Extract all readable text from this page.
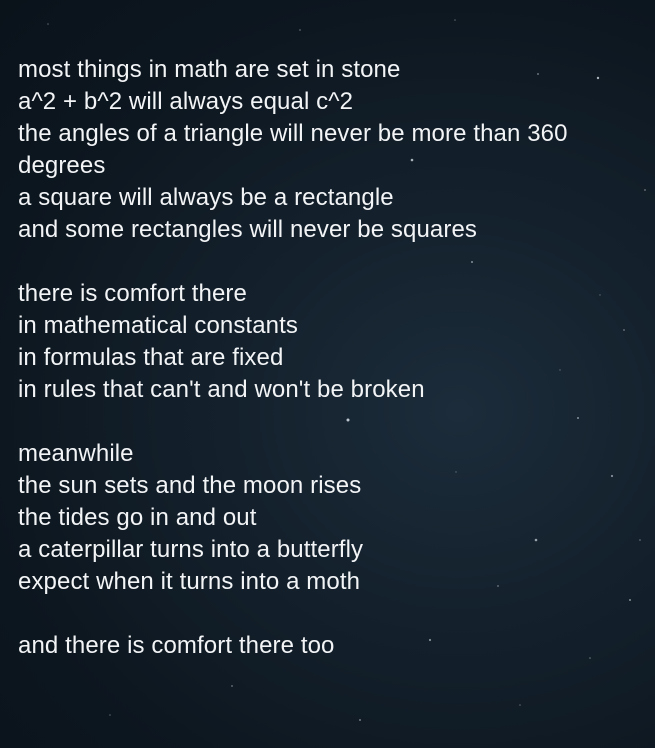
most things in math are set in stone
a^2 + b^2 will always equal c^2
the angles of a triangle will never be more than 360 degrees
a square will always be a rectangle
and some rectangles will never be squares
there is comfort there
in mathematical constants
in formulas that are fixed
in rules that can't and won't be broken
meanwhile
the sun sets and the moon rises
the tides go in and out
a caterpillar turns into a butterfly
expect when it turns into a moth
and there is comfort there too
